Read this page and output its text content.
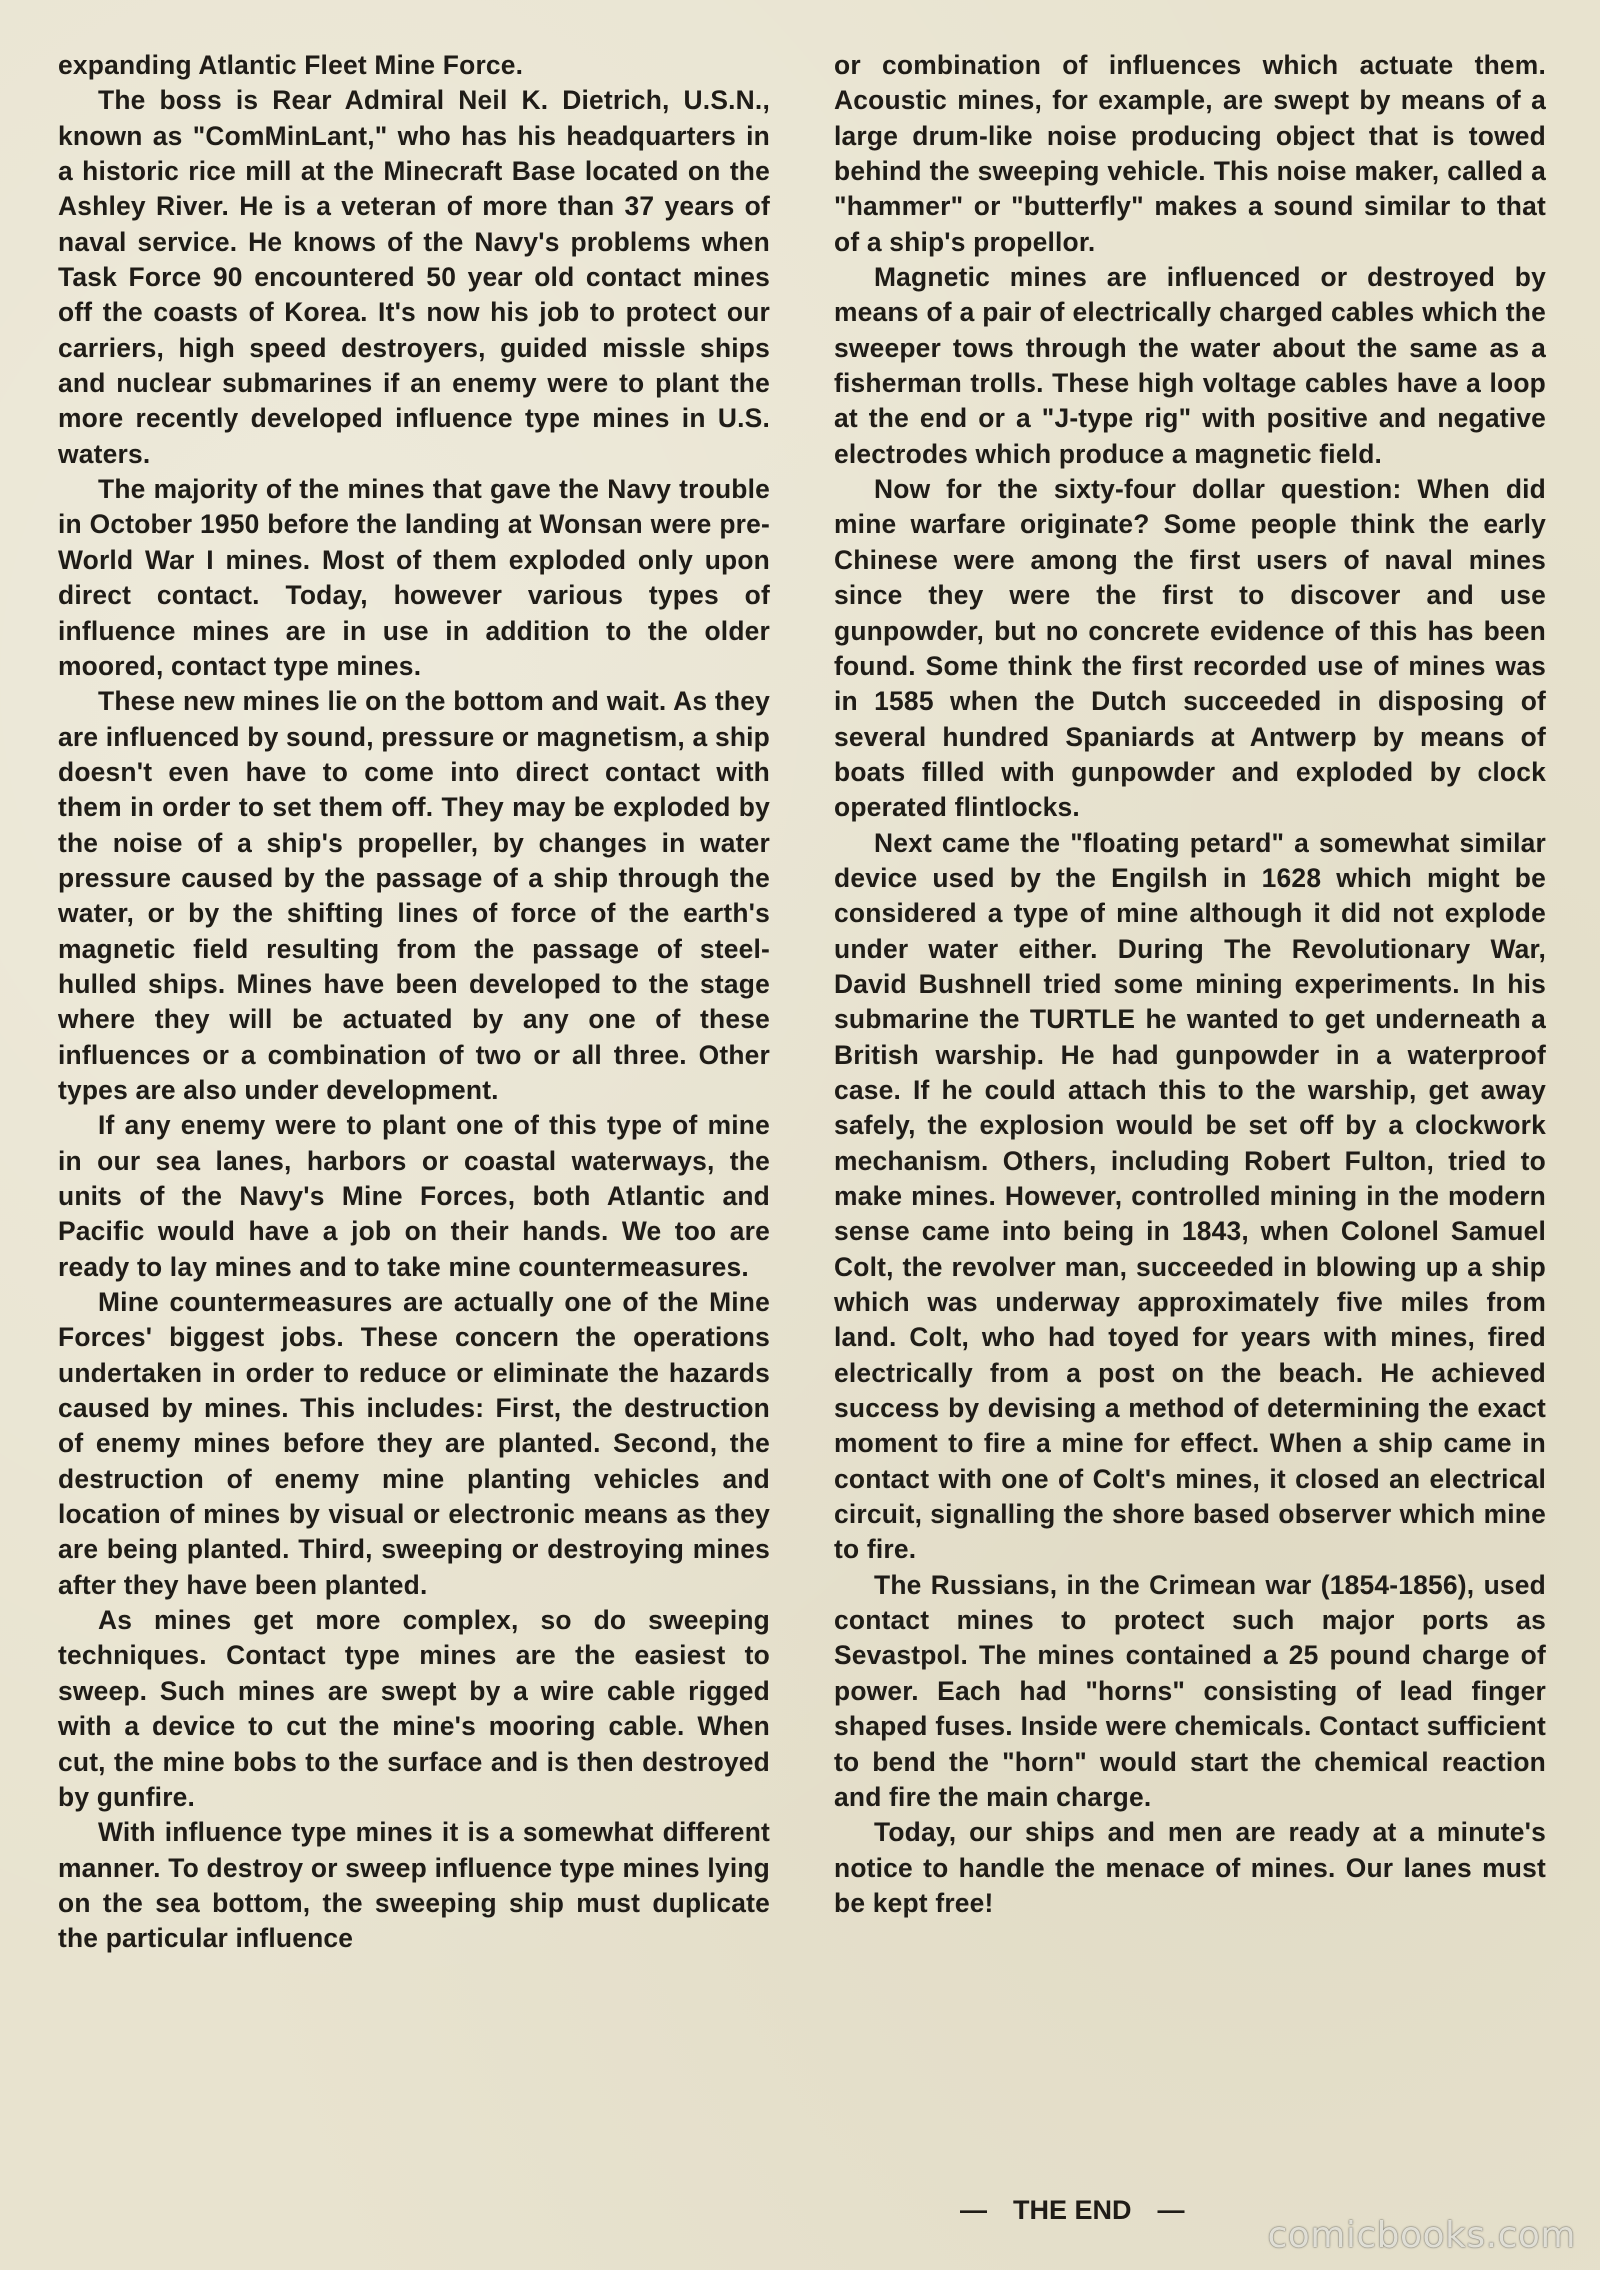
expanding Atlantic Fleet Mine Force.

The boss is Rear Admiral Neil K. Dietrich, U.S.N., known as "ComMinLant," who has his headquarters in a historic rice mill at the Minecraft Base located on the Ashley River. He is a veteran of more than 37 years of naval service. He knows of the Navy's problems when Task Force 90 encountered 50 year old contact mines off the coasts of Korea. It's now his job to protect our carriers, high speed destroyers, guided missle ships and nuclear submarines if an enemy were to plant the more recently developed influence type mines in U.S. waters.

The majority of the mines that gave the Navy trouble in October 1950 before the landing at Wonsan were pre-World War I mines. Most of them exploded only upon direct contact. Today, however various types of influence mines are in use in addition to the older moored, contact type mines.

These new mines lie on the bottom and wait. As they are influenced by sound, pressure or magnetism, a ship doesn't even have to come into direct contact with them in order to set them off. They may be exploded by the noise of a ship's propeller, by changes in water pressure caused by the passage of a ship through the water, or by the shifting lines of force of the earth's magnetic field resulting from the passage of steel-hulled ships. Mines have been developed to the stage where they will be actuated by any one of these influences or a combination of two or all three. Other types are also under development.

If any enemy were to plant one of this type of mine in our sea lanes, harbors or coastal waterways, the units of the Navy's Mine Forces, both Atlantic and Pacific would have a job on their hands. We too are ready to lay mines and to take mine countermeasures.

Mine countermeasures are actually one of the Mine Forces' biggest jobs. These concern the operations undertaken in order to reduce or eliminate the hazards caused by mines. This includes: First, the destruction of enemy mines before they are planted. Second, the destruction of enemy mine planting vehicles and location of mines by visual or electronic means as they are being planted. Third, sweeping or destroying mines after they have been planted.

As mines get more complex, so do sweeping techniques. Contact type mines are the easiest to sweep. Such mines are swept by a wire cable rigged with a device to cut the mine's mooring cable. When cut, the mine bobs to the surface and is then destroyed by gunfire.

With influence type mines it is a somewhat different manner. To destroy or sweep influence type mines lying on the sea bottom, the sweeping ship must duplicate the particular influence

or combination of influences which actuate them. Acoustic mines, for example, are swept by means of a large drum-like noise producing object that is towed behind the sweeping vehicle. This noise maker, called a "hammer" or "butterfly" makes a sound similar to that of a ship's propellor.

Magnetic mines are influenced or destroyed by means of a pair of electrically charged cables which the sweeper tows through the water about the same as a fisherman trolls. These high voltage cables have a loop at the end or a "J-type rig" with positive and negative electrodes which produce a magnetic field.

Now for the sixty-four dollar question: When did mine warfare originate? Some people think the early Chinese were among the first users of naval mines since they were the first to discover and use gunpowder, but no concrete evidence of this has been found. Some think the first recorded use of mines was in 1585 when the Dutch succeeded in disposing of several hundred Spaniards at Antwerp by means of boats filled with gunpowder and exploded by clock operated flintlocks.

Next came the "floating petard" a somewhat similar device used by the Engilsh in 1628 which might be considered a type of mine although it did not explode under water either. During The Revolutionary War, David Bushnell tried some mining experiments. In his submarine the TURTLE he wanted to get underneath a British warship. He had gunpowder in a waterproof case. If he could attach this to the warship, get away safely, the explosion would be set off by a clockwork mechanism. Others, including Robert Fulton, tried to make mines. However, controlled mining in the modern sense came into being in 1843, when Colonel Samuel Colt, the revolver man, succeeded in blowing up a ship which was underway approximately five miles from land. Colt, who had toyed for years with mines, fired electrically from a post on the beach. He achieved success by devising a method of determining the exact moment to fire a mine for effect. When a ship came in contact with one of Colt's mines, it closed an electrical circuit, signalling the shore based observer which mine to fire.

The Russians, in the Crimean war (1854-1856), used contact mines to protect such major ports as Sevastpol. The mines contained a 25 pound charge of power. Each had "horns" consisting of lead finger shaped fuses. Inside were chemicals. Contact sufficient to bend the "horn" would start the chemical reaction and fire the main charge.

Today, our ships and men are ready at a minute's notice to handle the menace of mines. Our lanes must be kept free!

— THE END —
comicbooks.com
